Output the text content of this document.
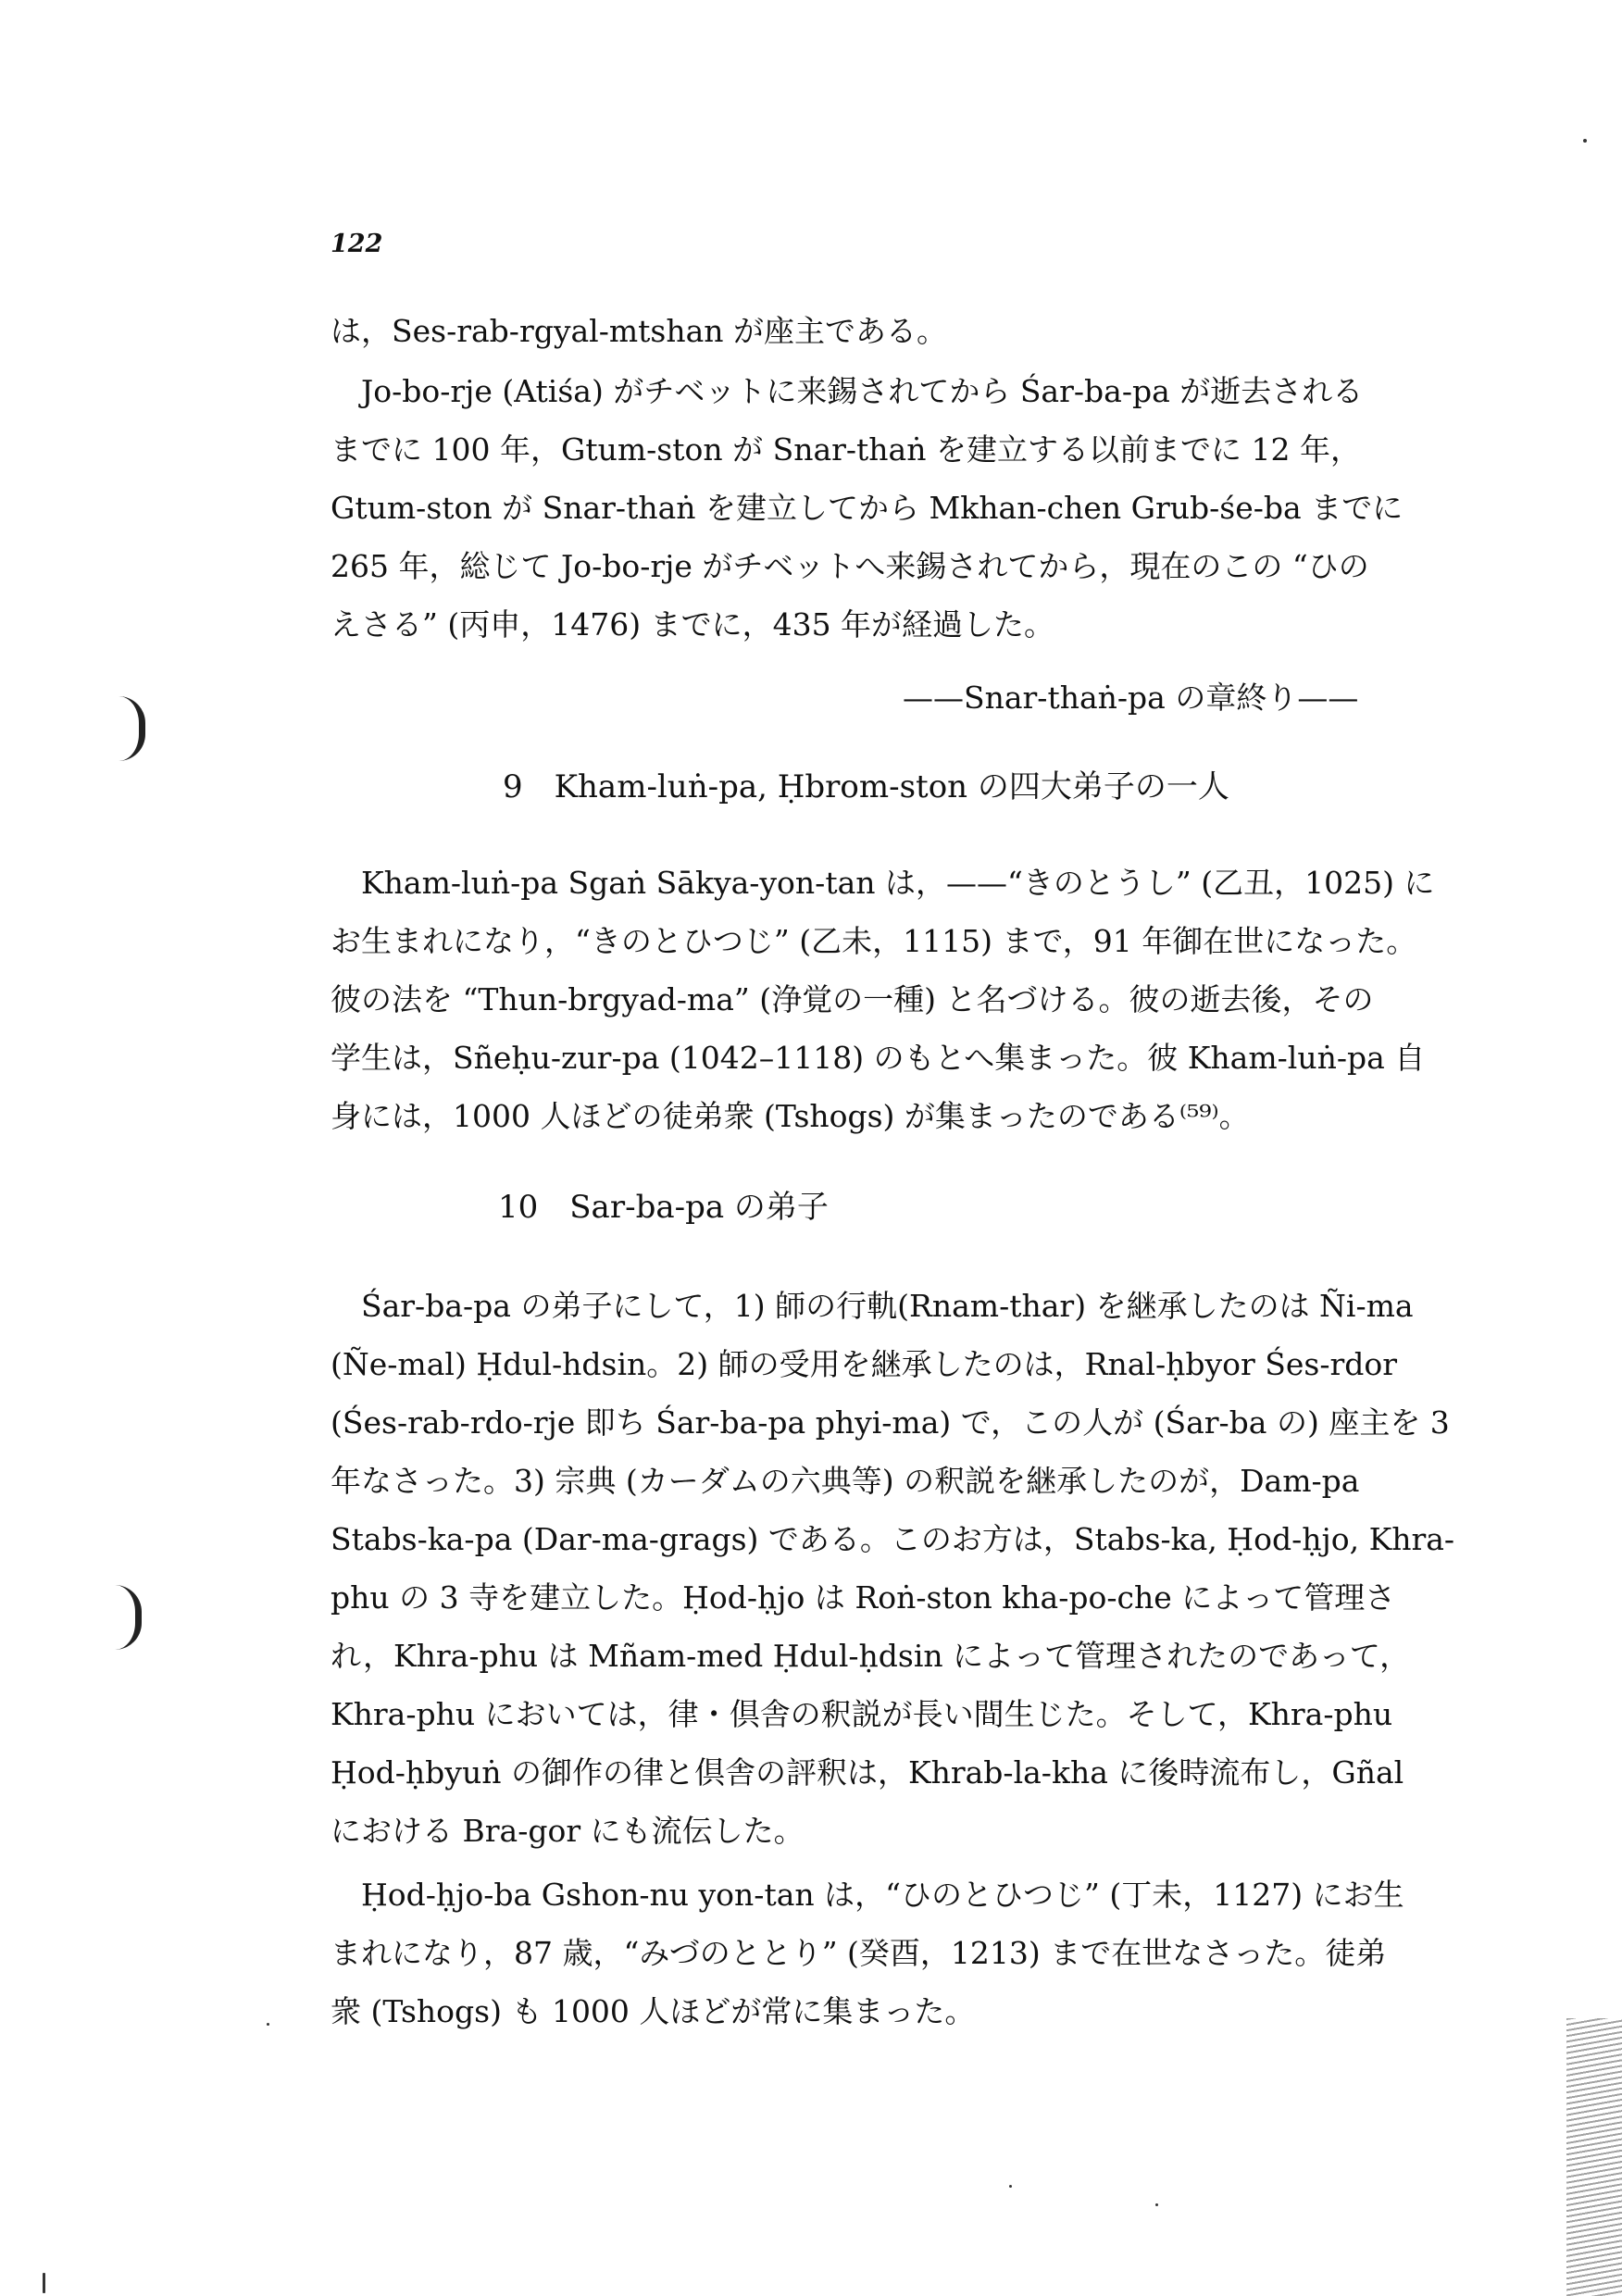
122
は，Ses-rab-rgyal-mtshan が座主である。
Jo-bo-rje (Atiśa) がチベットに来錫されてから Śar-ba-pa が逝去される
までに 100 年，Gtum-ston が Snar-thaṅ を建立する以前までに 12 年，
Gtum-ston が Snar-thaṅ を建立してから Mkhan-chen Grub-śe-ba までに
265 年，総じて Jo-bo-rje がチベットへ来錫されてから，現在のこの “ひの
えさる” (丙申，1476) までに，435 年が経過した。
——Snar-thaṅ-pa の章終り——
9　Kham-luṅ-pa, Ḥbrom-ston の四大弟子の一人
Kham-luṅ-pa Sgaṅ Sākya-yon-tan は，——“きのとうし” (乙丑，1025) に
お生まれになり，“きのとひつじ” (乙未，1115) まで，91 年御在世になった。
彼の法を “Thun-brgyad-ma” (浄覚の一種) と名づける。彼の逝去後，その
学生は，Sñeḥu-zur-pa (1042–1118) のもとへ集まった。彼 Kham-luṅ-pa 自
身には，1000 人ほどの徒弟衆 (Tshogs) が集まったのである⁽⁵⁹⁾。
10　Sar-ba-pa の弟子
Śar-ba-pa の弟子にして，1) 師の行軌(Rnam-thar) を継承したのは Ñi-ma
(Ñe-mal) Ḥdul-hdsin。2) 師の受用を継承したのは，Rnal-ḥbyor Śes-rdor
(Śes-rab-rdo-rje 即ち Śar-ba-pa phyi-ma) で，この人が (Śar-ba の) 座主を 3
年なさった。3) 宗典 (カーダムの六典等) の釈説を継承したのが，Dam-pa
Stabs-ka-pa (Dar-ma-grags) である。このお方は，Stabs-ka, Ḥod-ḥjo, Khra-
phu の 3 寺を建立した。Ḥod-ḥjo は Roṅ-ston kha-po-che によって管理さ
れ，Khra-phu は Mñam-med Ḥdul-ḥdsin によって管理されたのであって，
Khra-phu においては，律・倶舎の釈説が長い間生じた。そして，Khra-phu
Ḥod-ḥbyuṅ の御作の律と倶舎の評釈は，Khrab-la-kha に後時流布し，Gñal
における Bra-gor にも流伝した。
Ḥod-ḥjo-ba Gshon-nu yon-tan は，“ひのとひつじ” (丁未，1127) にお生
まれになり，87 歳，“みづのととり” (癸酉，1213) まで在世なさった。徒弟
衆 (Tshogs) も 1000 人ほどが常に集まった。
